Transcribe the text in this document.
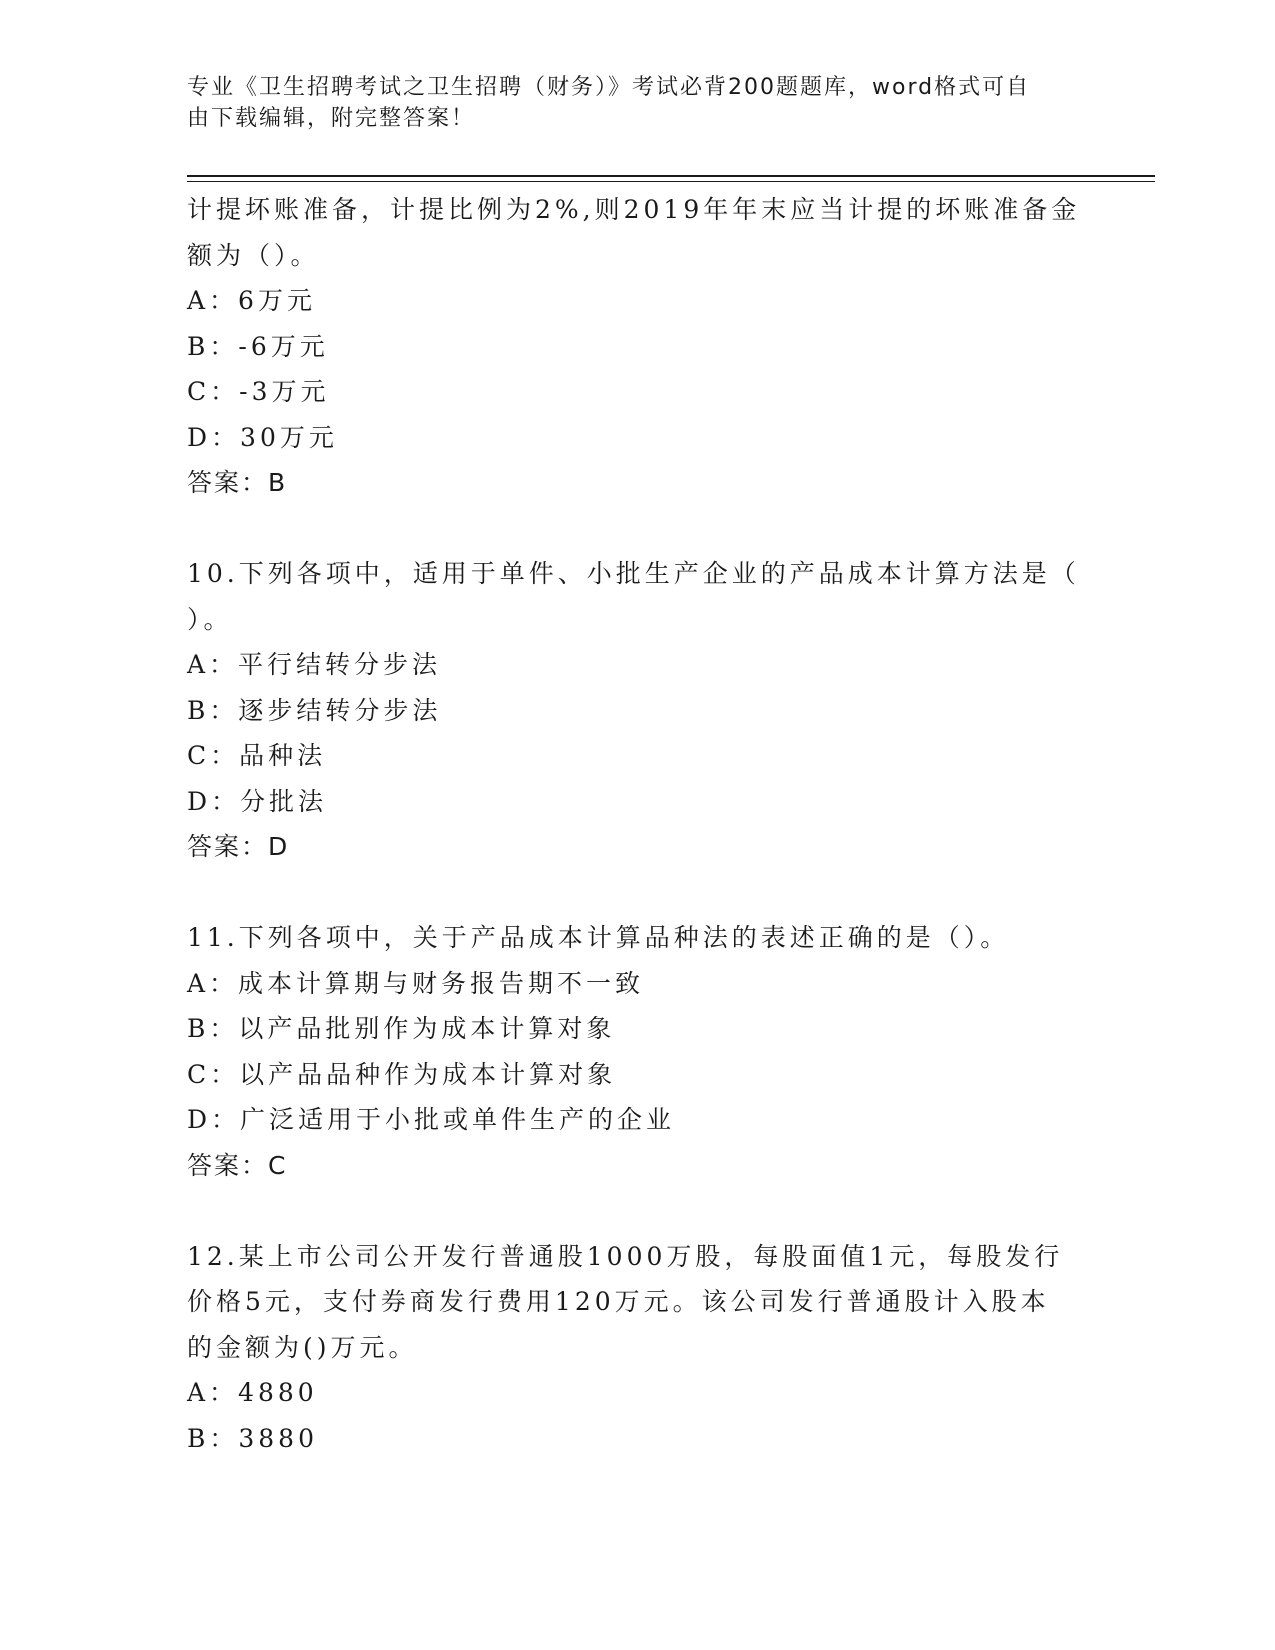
专业《卫生招聘考试之卫生招聘（财务）》考试必背200题题库，word格式可自
由下载编辑，附完整答案！
计提坏账准备，计提比例为2%,则2019年年末应当计提的坏账准备金
额为（）。
A：6万元
B：-6万元
C：-3万元
D：30万元
答案：B
10.下列各项中，适用于单件、小批生产企业的产品成本计算方法是（
）。
A：平行结转分步法
B：逐步结转分步法
C：品种法
D：分批法
答案：D
11.下列各项中，关于产品成本计算品种法的表述正确的是（）。
A：成本计算期与财务报告期不一致
B：以产品批别作为成本计算对象
C：以产品品种作为成本计算对象
D：广泛适用于小批或单件生产的企业
答案：C
12.某上市公司公开发行普通股1000万股，每股面值1元，每股发行
价格5元，支付券商发行费用120万元。该公司发行普通股计入股本
的金额为()万元。
A：4880
B：3880
